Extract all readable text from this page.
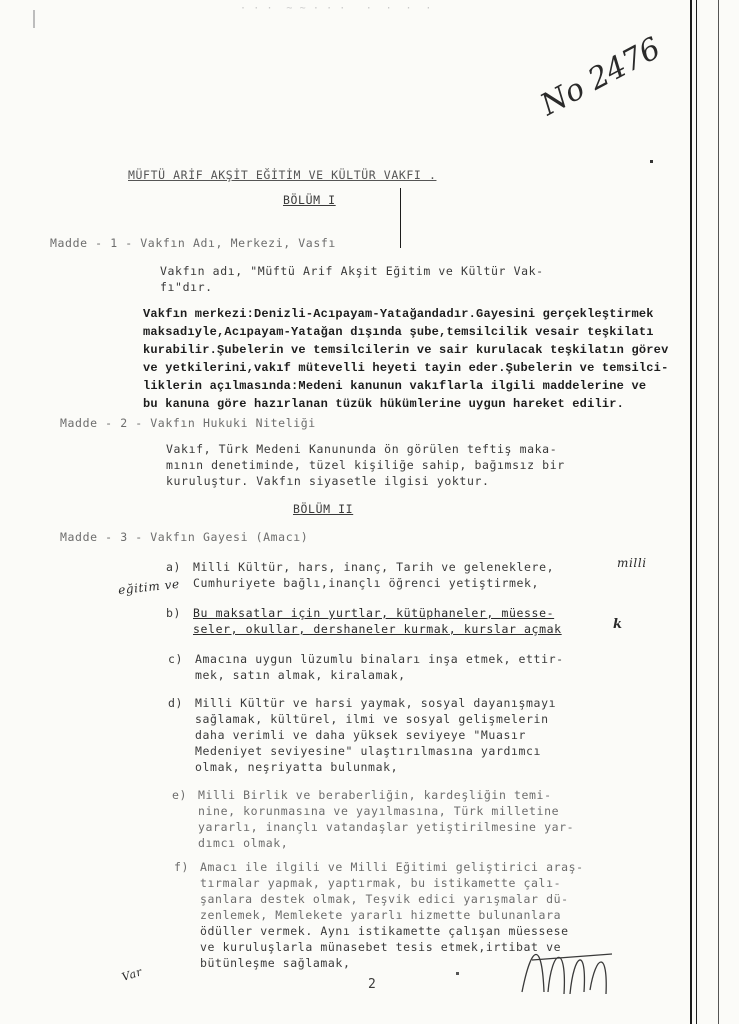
· · ·  ~ ~ · · ·   ·  ·  ·  ·
No 2476
MÜFTÜ ARİF AKŞİT EĞİTİM VE KÜLTÜR VAKFI .
BÖLÜM I
Madde - 1 - Vakfın Adı, Merkezi, Vasfı
Vakfın adı, "Müftü Arif Akşit Eğitim ve Kültür Vak-
fı"dır.
Vakfın merkezi:Denizli-Acıpayam-Yatağandadır.Gayesini gerçekleştirmek
maksadıyle,Acıpayam-Yatağan dışında şube,temsilcilik vesair teşkilatı
kurabilir.Şubelerin ve temsilcilerin ve sair kurulacak teşkilatın görev
ve yetkilerini,vakıf mütevelli heyeti tayin eder.Şubelerin ve temsilci-
liklerin açılmasında:Medeni kanunun vakıflarla ilgili maddelerine ve
bu kanuna göre hazırlanan tüzük hükümlerine uygun hareket edilir.
Madde - 2 - Vakfın Hukuki Niteliği
Vakıf, Türk Medeni Kanununda ön görülen teftiş maka-
mının denetiminde, tüzel kişiliğe sahip, bağımsız bir
kuruluştur. Vakfın siyasetle ilgisi yoktur.
BÖLÜM II
Madde - 3 - Vakfın Gayesi (Amacı)
a) Milli Kültür, hars, inanç, Tarih ve geleneklere,
Cumhuriyete bağlı,inançlı öğrenci yetiştirmek,
milli
eğitim ve
b) Bu maksatlar için yurtlar, kütüphaneler, müesse-
seler, okullar, dershaneler kurmak, kurslar açmak	k
c) Amacına uygun lüzumlu binaları inşa etmek, ettir-
mek, satın almak, kiralamak,
d) Milli Kültür ve harsi yaymak, sosyal dayanışmayı
sağlamak, kültürel, ilmi ve sosyal gelişmelerin
daha verimli ve daha yüksek seviyeye "Muasır
Medeniyet seviyesine" ulaştırılmasına yardımcı
olmak, neşriyatta bulunmak,
e) Milli Birlik ve beraberliğin, kardeşliğin temi-
nine, korunmasına ve yayılmasına, Türk milletine
yararlı, inançlı vatandaşlar yetiştirilmesine yar-
dımcı olmak,
f) Amacı ile ilgili ve Milli Eğitimi geliştirici araş-
tırmalar yapmak, yaptırmak, bu istikamette çalı-
şanlara destek olmak, Teşvik edici yarışmalar dü-
zenlemek, Memlekete yararlı hizmette bulunanlara
ödüller vermek. Aynı istikamette çalışan müessese
ve kuruluşlarla münasebet tesis etmek,irtibat ve
bütünleşme sağlamak,
Var
2
